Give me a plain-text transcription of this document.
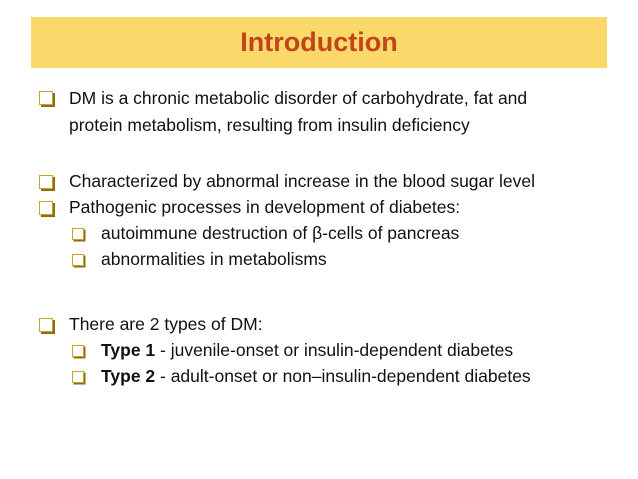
Introduction
DM is a chronic metabolic disorder of carbohydrate, fat and
protein metabolism, resulting from insulin deficiency
Characterized by abnormal increase in the blood sugar level
Pathogenic processes in development of diabetes:
autoimmune destruction of β-cells of pancreas
abnormalities in metabolisms
There are 2 types of DM:
Type 1 - juvenile-onset or insulin-dependent diabetes
Type 2 - adult-onset or non–insulin-dependent diabetes
